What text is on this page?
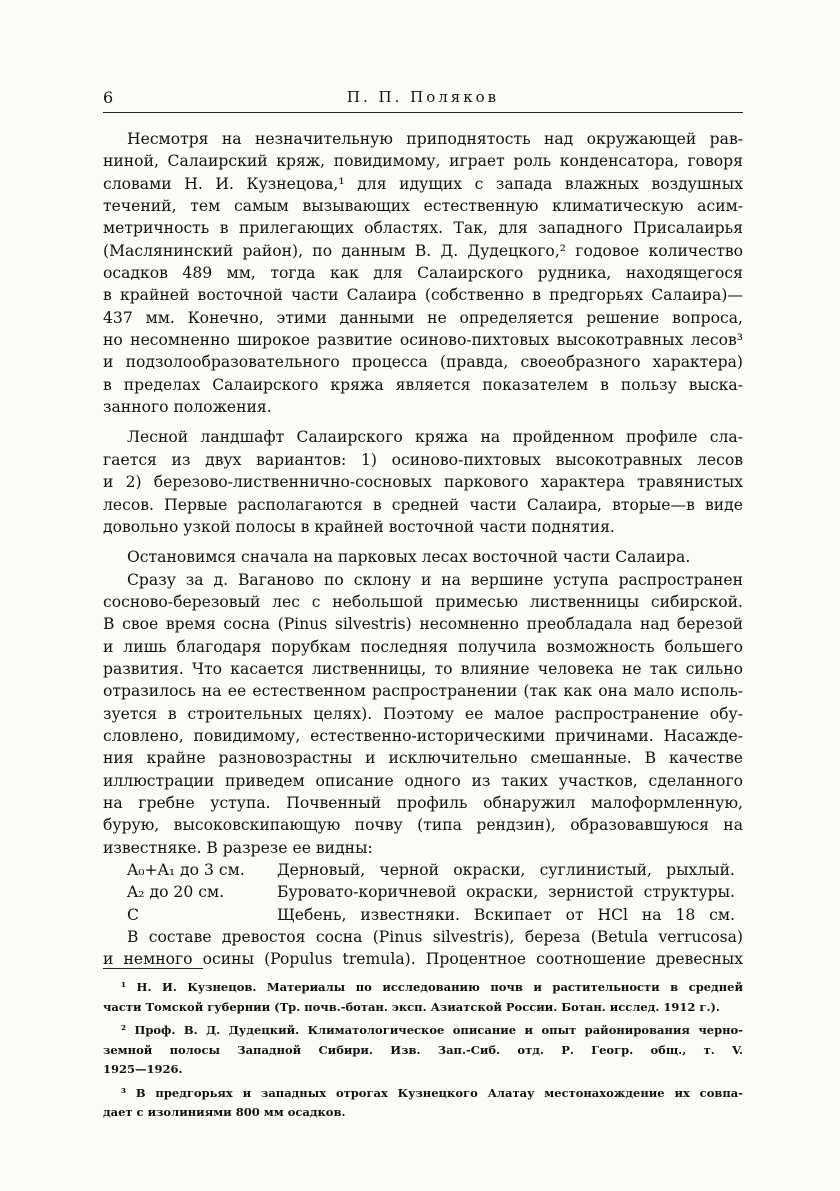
6	П. П. Поляков
Несмотря на незначительную приподнятость над окружающей рав-
ниной, Салаирский кряж, повидимому, играет роль конденсатора, говоря
словами Н. И. Кузнецова,¹ для идущих с запада влажных воздушных
течений, тем самым вызывающих естественную климатическую асим-
метричность в прилегающих областях. Так, для западного Присалаирья
(Маслянинский район), по данным В. Д. Дудецкого,² годовое количество
осадков 489 мм, тогда как для Салаирского рудника, находящегося
в крайней восточной части Салаира (собственно в предгорьях Салаира)—
437 мм. Конечно, этими данными не определяется решение вопроса,
но несомненно широкое развитие осиново-пихтовых высокотравных лесов³
и подзолообразовательного процесса (правда, своеобразного характера)
в пределах Салаирского кряжа является показателем в пользу выска-
занного положения.
Лесной ландшафт Салаирского кряжа на пройденном профиле сла-
гается из двух вариантов: 1) осиново-пихтовых высокотравных лесов
и 2) березово-лиственнично-сосновых паркового характера травянистых
лесов. Первые располагаются в средней части Салаира, вторые—в виде
довольно узкой полосы в крайней восточной части поднятия.
Остановимся сначала на парковых лесах восточной части Салаира.
Сразу за д. Ваганово по склону и на вершине уступа распространен
сосново-березовый лес с небольшой примесью лиственницы сибирской.
В свое время сосна (Pinus silvestris) несомненно преобладала над березой
и лишь благодаря порубкам последняя получила возможность большего
развития. Что касается лиственницы, то влияние человека не так сильно
отразилось на ее естественном распространении (так как она мало исполь-
зуется в строительных целях). Поэтому ее малое распространение обу-
словлено, повидимому, естественно-историческими причинами. Насажде-
ния крайне разновозрастны и исключительно смешанные. В качестве
иллюстрации приведем описание одного из таких участков, сделанного
на гребне уступа. Почвенный профиль обнаружил малоформленную,
бурую, высоковскипающую почву (типа рендзин), образовавшуюся на
известняке. В разрезе ее видны:
A₀+A₁ до 3 см.	Дерновый, черной окраски, суглинистый, рыхлый.
A₂ до 20 см.	Буровато-коричневой окраски, зернистой структуры.
C	Щебень, известняки. Вскипает от HCl на 18 см.
В составе древостоя сосна (Pinus silvestris), береза (Betula verrucosa)
и немного осины (Populus tremula). Процентное соотношение древесных
¹ Н. И. Кузнецов. Материалы по исследованию почв и растительности в средней
части Томской губернии (Тр. почв.-ботан. эксп. Азиатской России. Ботан. исслед. 1912 г.).
² Проф. В. Д. Дудецкий. Климатологическое описание и опыт районирования черно-
земной полосы Западной Сибири. Изв. Зап.-Сиб. отд. Р. Геогр. общ., т. V.
1925—1926.
³ В предгорьях и западных отрогах Кузнецкого Алатау местонахождение их совпа-
дает с изолиниями 800 мм осадков.
